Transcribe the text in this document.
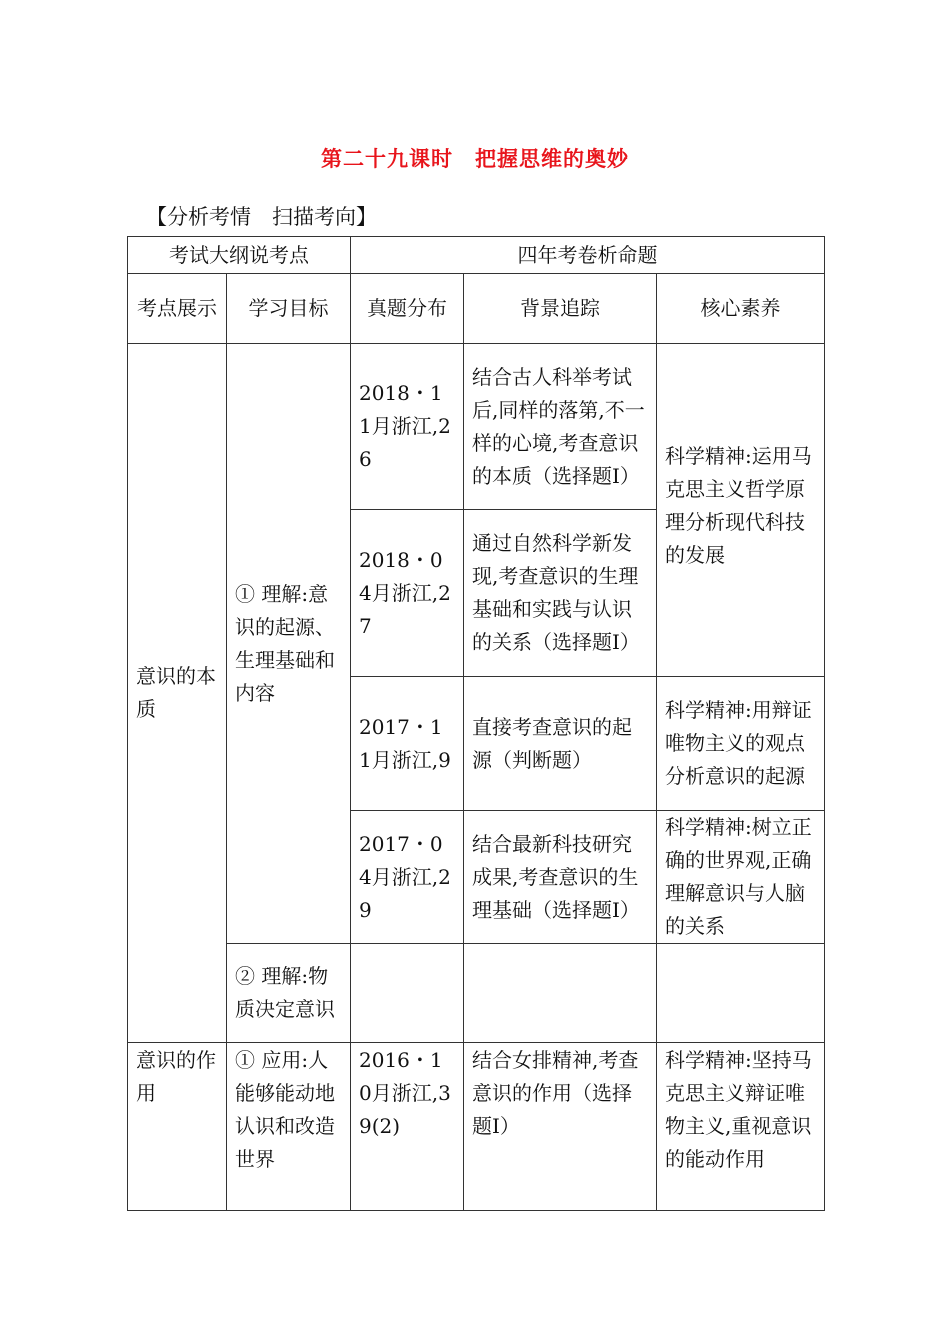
第二十九课时　把握思维的奥妙
【分析考情　扫描考向】
考试大纲说考点		四年考卷析命题		
考点展示	学习目标	真题分布	背景追踪	核心素养
意识的本质	① 理解:意识的起源、生理基础和内容	2018・11月浙江,26	结合古人科举考试后,同样的落第,不一样的心境,考查意识的本质（选择题Ⅰ）	科学精神:运用马克思主义哲学原理分析现代科技的发展
		2018・04月浙江,27	通过自然科学新发现,考查意识的生理基础和实践与认识的关系（选择题Ⅰ）	
		2017・11月浙江,9	直接考查意识的起源（判断题）	科学精神:用辩证唯物主义的观点分析意识的起源
		2017・04月浙江,29	结合最新科技研究成果,考查意识的生理基础（选择题Ⅰ）	科学精神:树立正确的世界观,正确理解意识与人脑的关系
	② 理解:物质决定意识			
意识的作用	① 应用:人能够能动地认识和改造世界	2016・10月浙江,39(2)	结合女排精神,考查意识的作用（选择题Ⅰ）	科学精神:坚持马克思主义辩证唯物主义,重视意识的能动作用
